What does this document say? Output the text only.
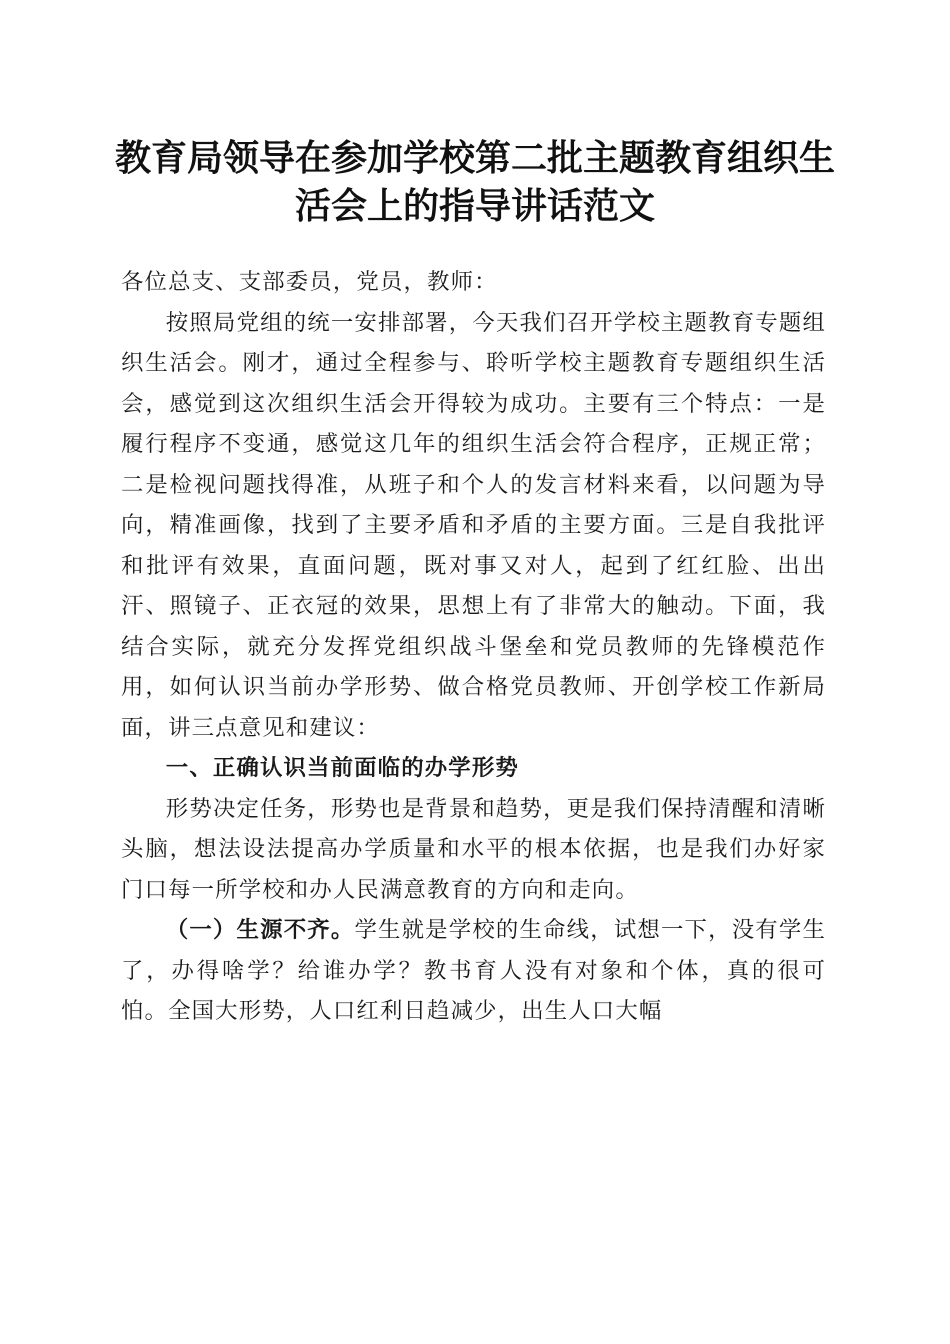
教育局领导在参加学校第二批主题教育组织生
活会上的指导讲话范文

各位总支、支部委员，党员，教师：

按照局党组的统一安排部署，今天我们召开学校主题教育专题组织生活会。刚才，通过全程参与、聆听学校主题教育专题组织生活会，感觉到这次组织生活会开得较为成功。主要有三个特点：一是履行程序不变通，感觉这几年的组织生活会符合程序，正规正常；二是检视问题找得准，从班子和个人的发言材料来看，以问题为导向，精准画像，找到了主要矛盾和矛盾的主要方面。三是自我批评和批评有效果，直面问题，既对事又对人，起到了红红脸、出出汗、照镜子、正衣冠的效果，思想上有了非常大的触动。下面，我结合实际，就充分发挥党组织战斗堡垒和党员教师的先锋模范作用，如何认识当前办学形势、做合格党员教师、开创学校工作新局面，讲三点意见和建议：

一、正确认识当前面临的办学形势

形势决定任务，形势也是背景和趋势，更是我们保持清醒和清晰头脑，想法设法提高办学质量和水平的根本依据，也是我们办好家门口每一所学校和办人民满意教育的方向和走向。

（一）生源不齐。学生就是学校的生命线，试想一下，没有学生了，办得啥学？给谁办学？教书育人没有对象和个体，真的很可怕。全国大形势，人口红利日趋减少，出生人口大幅
